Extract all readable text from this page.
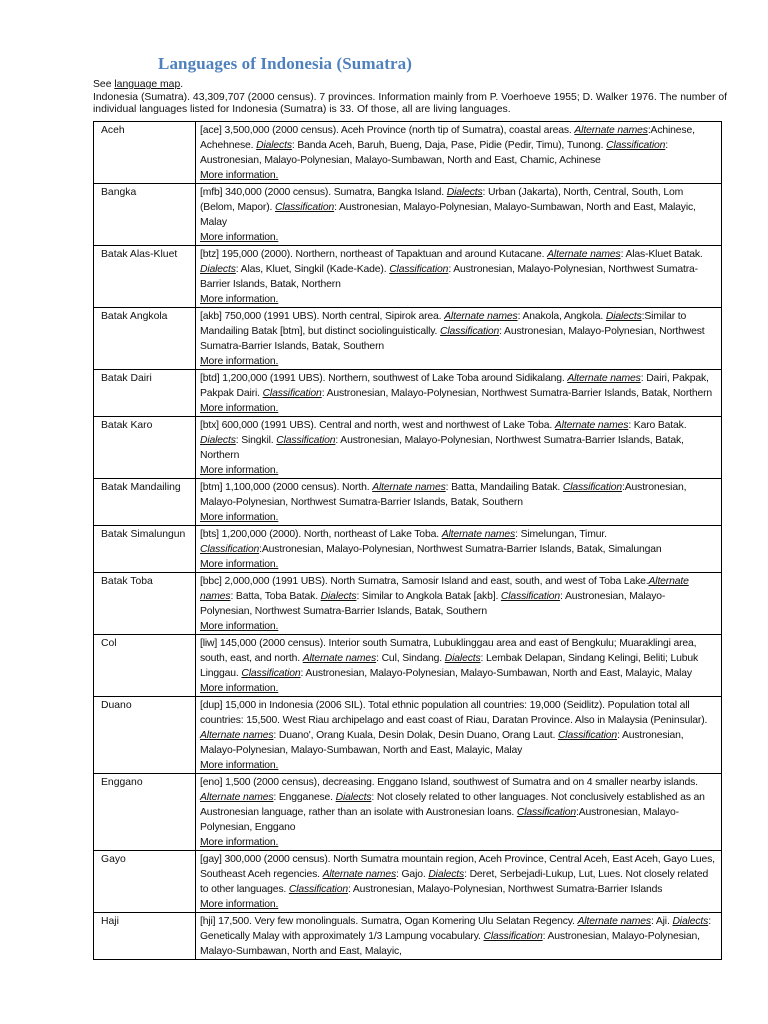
Languages of Indonesia (Sumatra)

See language map.

Indonesia (Sumatra). 43,309,707 (2000 census). 7 provinces. Information mainly from P. Voerhoeve 1955; D. Walker 1976. The number of individual languages listed for Indonesia (Sumatra) is 33. Of those, all are living languages.

Aceh	[ace] 3,500,000 (2000 census). Aceh Province (north tip of Sumatra), coastal areas. Alternate names:Achinese, Achehnese. Dialects: Banda Aceh, Baruh, Bueng, Daja, Pase, Pidie (Pedir, Timu), Tunong. Classification: Austronesian, Malayo-Polynesian, Malayo-Sumbawan, North and East, Chamic, Achinese
More information.
Bangka	[mfb] 340,000 (2000 census). Sumatra, Bangka Island. Dialects: Urban (Jakarta), North, Central, South, Lom (Belom, Mapor). Classification: Austronesian, Malayo-Polynesian, Malayo-Sumbawan, North and East, Malayic, Malay
More information.
Batak Alas-Kluet	[btz] 195,000 (2000). Northern, northeast of Tapaktuan and around Kutacane. Alternate names: Alas-Kluet Batak. Dialects: Alas, Kluet, Singkil (Kade-Kade). Classification: Austronesian, Malayo-Polynesian, Northwest Sumatra-Barrier Islands, Batak, Northern
More information.
Batak Angkola	[akb] 750,000 (1991 UBS). North central, Sipirok area. Alternate names: Anakola, Angkola. Dialects:Similar to Mandailing Batak [btm], but distinct sociolinguistically. Classification: Austronesian, Malayo-Polynesian, Northwest Sumatra-Barrier Islands, Batak, Southern
More information.
Batak Dairi	[btd] 1,200,000 (1991 UBS). Northern, southwest of Lake Toba around Sidikalang. Alternate names: Dairi, Pakpak, Pakpak Dairi. Classification: Austronesian, Malayo-Polynesian, Northwest Sumatra-Barrier Islands, Batak, Northern
More information.
Batak Karo	[btx] 600,000 (1991 UBS). Central and north, west and northwest of Lake Toba. Alternate names: Karo Batak. Dialects: Singkil. Classification: Austronesian, Malayo-Polynesian, Northwest Sumatra-Barrier Islands, Batak, Northern
More information.
Batak Mandailing	[btm] 1,100,000 (2000 census). North. Alternate names: Batta, Mandailing Batak. Classification:Austronesian, Malayo-Polynesian, Northwest Sumatra-Barrier Islands, Batak, Southern
More information.
Batak Simalungun	[bts] 1,200,000 (2000). North, northeast of Lake Toba. Alternate names: Simelungan, Timur. Classification:Austronesian, Malayo-Polynesian, Northwest Sumatra-Barrier Islands, Batak, Simalungan
More information.
Batak Toba	[bbc] 2,000,000 (1991 UBS). North Sumatra, Samosir Island and east, south, and west of Toba Lake.Alternate names: Batta, Toba Batak. Dialects: Similar to Angkola Batak [akb]. Classification: Austronesian, Malayo-Polynesian, Northwest Sumatra-Barrier Islands, Batak, Southern
More information.
Col	[liw] 145,000 (2000 census). Interior south Sumatra, Lubuklinggau area and east of Bengkulu; Muaraklingi area, south, east, and north. Alternate names: Cul, Sindang. Dialects: Lembak Delapan, Sindang Kelingi, Beliti; Lubuk Linggau. Classification: Austronesian, Malayo-Polynesian, Malayo-Sumbawan, North and East, Malayic, Malay
More information.
Duano	[dup] 15,000 in Indonesia (2006 SIL). Total ethnic population all countries: 19,000 (Seidlitz). Population total all countries: 15,500. West Riau archipelago and east coast of Riau, Daratan Province. Also in Malaysia (Peninsular). Alternate names: Duano', Orang Kuala, Desin Dolak, Desin Duano, Orang Laut. Classification: Austronesian, Malayo-Polynesian, Malayo-Sumbawan, North and East, Malayic, Malay
More information.
Enggano	[eno] 1,500 (2000 census), decreasing. Enggano Island, southwest of Sumatra and on 4 smaller nearby islands. Alternate names: Engganese. Dialects: Not closely related to other languages. Not conclusively established as an Austronesian language, rather than an isolate with Austronesian loans. Classification:Austronesian, Malayo-Polynesian, Enggano
More information.
Gayo	[gay] 300,000 (2000 census). North Sumatra mountain region, Aceh Province, Central Aceh, East Aceh, Gayo Lues, Southeast Aceh regencies. Alternate names: Gajo. Dialects: Deret, Serbejadi-Lukup, Lut, Lues. Not closely related to other languages. Classification: Austronesian, Malayo-Polynesian, Northwest Sumatra-Barrier Islands
More information.
Haji	[hji] 17,500. Very few monolinguals. Sumatra, Ogan Komering Ulu Selatan Regency. Alternate names: Aji. Dialects: Genetically Malay with approximately 1/3 Lampung vocabulary. Classification: Austronesian, Malayo-Polynesian, Malayo-Sumbawan, North and East, Malayic,
